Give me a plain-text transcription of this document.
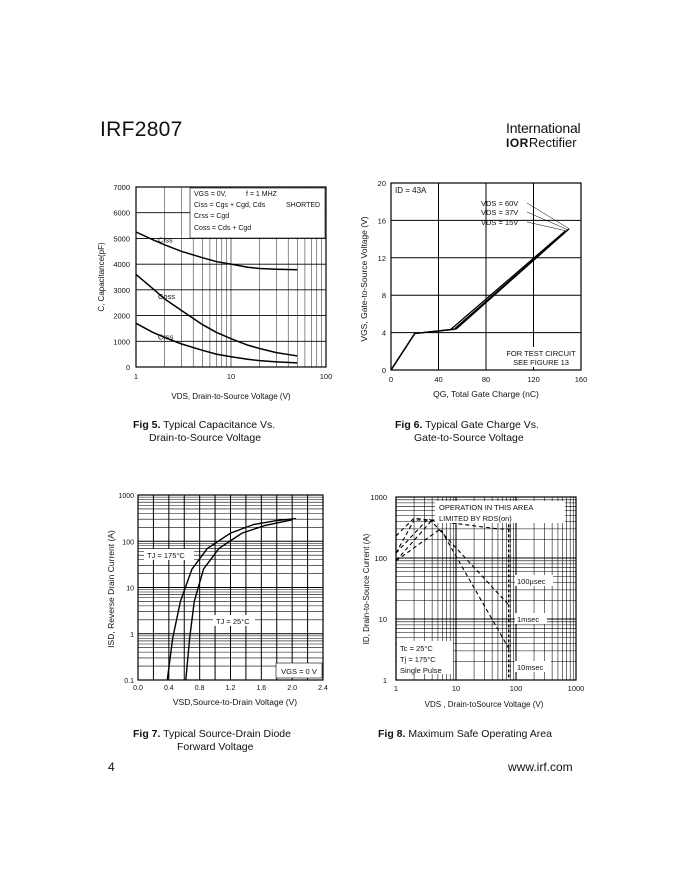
IRF2807	International
IORRectifier
0
1000
2000
3000
4000
5000
6000
7000
1	10	100
VDS, Drain-to-Source Voltage (V)
C, Capacitance(pF)
VGS = 0V,	f = 1 MHZ
Ciss = Cgs + Cgd, Cds	SHORTED
Crss = Cgd
Coss = Cds + Cgd
Ciss
Coss
Crss
Fig 5. Typical Capacitance Vs.
Drain-to-Source Voltage
0
4
8
12
16
20
0	40	80	120	160
QG, Total Gate Charge (nC)
VGS, Gate-to-Source Voltage (V)
ID = 43A
VDS = 60V
VDS = 37V
VDS = 15V
FOR TEST CIRCUIT
SEE FIGURE 13
Fig 6. Typical Gate Charge Vs.
Gate-to-Source Voltage
0.1
1
10
100
1000
0.0	0.4	0.8	1.2	1.6	2.0	2.4
VSD,Source-to-Drain Voltage (V)
ISD, Reverse Drain Current (A)	TJ = 175°C
TJ = 25°C
VGS = 0 V
Fig 7. Typical Source-Drain Diode
Forward Voltage
1
10
100
1000
1	10	100	1000
VDS , Drain-toSource Voltage (V)
ID, Drain-to-Source Current (A)
OPERATION IN THIS AREA
LIMITED BY RDS(on)
100µsec
1msec
10msec
Tc = 25°C
Tj = 175°C
Single Pulse
Fig 8. Maximum Safe Operating Area
4	www.irf.com
